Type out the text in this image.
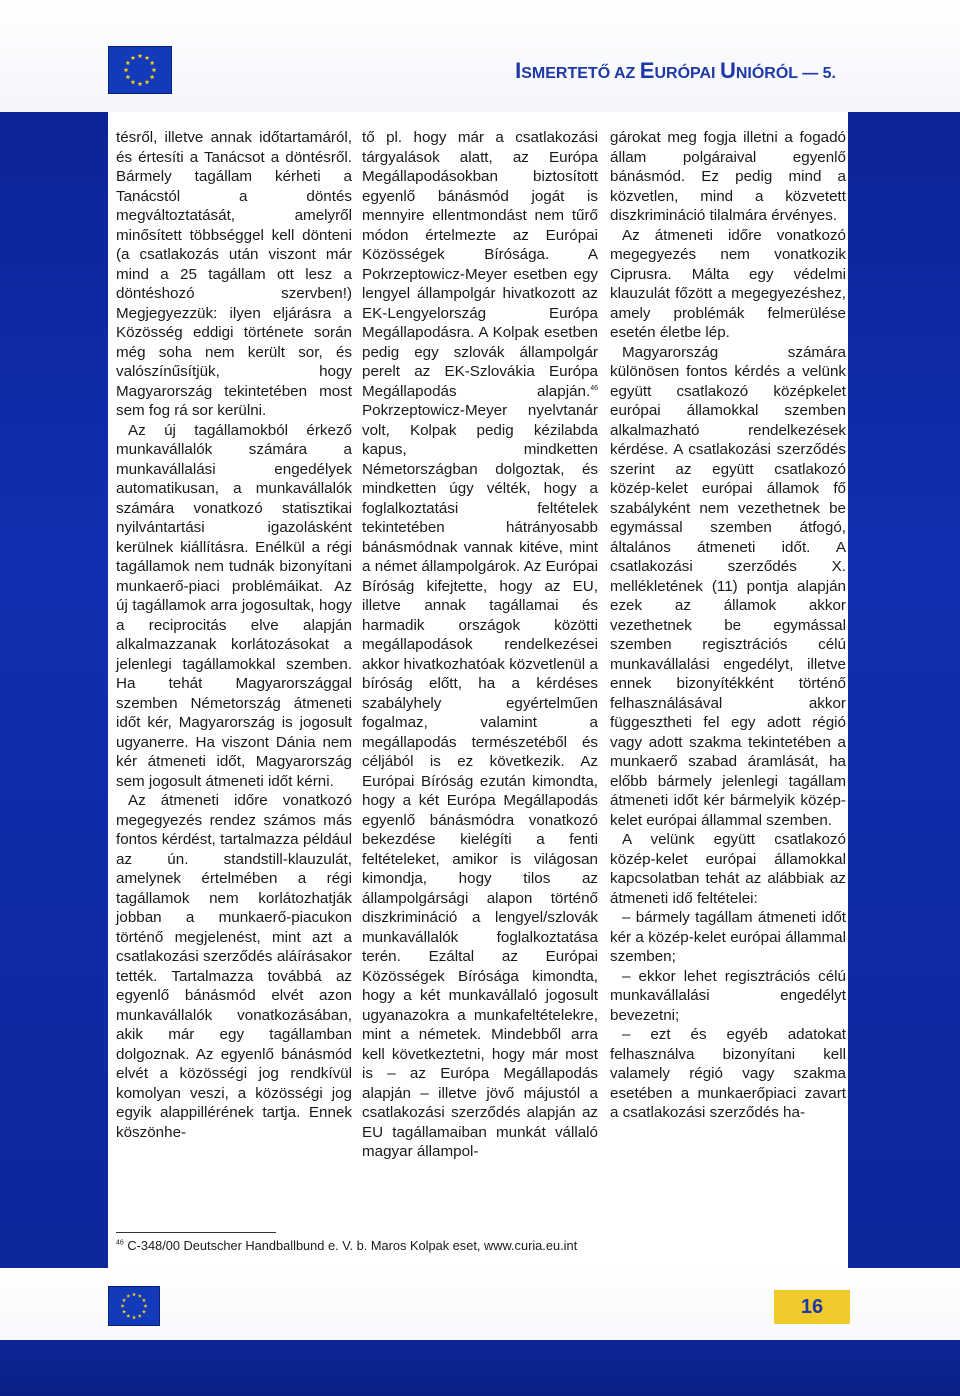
ISMERTETŐ AZ EURÓPAI UNIÓRÓL — 5.

tésről, illetve annak időtartamáról, és értesíti a Tanácsot a döntésről. Bármely tagállam kérheti a Tanácstól a döntés megváltoztatását, amelyről minősített többséggel kell dönteni (a csatlakozás után viszont már mind a 25 tagállam ott lesz a döntéshozó szervben!) Megjegyezzük: ilyen eljárásra a Közösség eddigi története során még soha nem került sor, és valószínűsítjük, hogy Magyarország tekintetében most sem fog rá sor kerülni.

Az új tagállamokból érkező munkavállalók számára a munkavállalási engedélyek automatikusan, a munkavállalók számára vonatkozó statisztikai nyilvántartási igazolásként kerülnek kiállításra. Enélkül a régi tagállamok nem tudnák bizonyítani munkaerő-piaci problémáikat. Az új tagállamok arra jogosultak, hogy a reciprocitás elve alapján alkalmazzanak korlátozásokat a jelenlegi tagállamokkal szemben. Ha tehát Magyarországgal szemben Németország átmeneti időt kér, Magyarország is jogosult ugyanerre. Ha viszont Dánia nem kér átmeneti időt, Magyarország sem jogosult átmeneti időt kérni.

Az átmeneti időre vonatkozó megegyezés rendez számos más fontos kérdést, tartalmazza például az ún. standstill-klauzulát, amelynek értelmében a régi tagállamok nem korlátozhatják jobban a munkaerő-piacukon történő megjelenést, mint azt a csatlakozási szerződés aláírásakor tették. Tartalmazza továbbá az egyenlő bánásmód elvét azon munkavállalók vonatkozásában, akik már egy tagállamban dolgoznak. Az egyenlő bánásmód elvét a közösségi jog rendkívül komolyan veszi, a közösségi jog egyik alappillérének tartja. Ennek köszönhe-

tő pl. hogy már a csatlakozási tárgyalások alatt, az Európa Megállapodásokban biztosított egyenlő bánásmód jogát is mennyire ellentmondást nem tűrő módon értelmezte az Európai Közösségek Bírósága. A Pokrzeptowicz-Meyer esetben egy lengyel állampolgár hivatkozott az EK-Lengyelország Európa Megállapodásra. A Kolpak esetben pedig egy szlovák állampolgár perelt az EK-Szlovákia Európa Megállapodás alapján.$^{46}$ Pokrzeptowicz-Meyer nyelvtanár volt, Kolpak pedig kézilabda kapus, mindketten Németországban dolgoztak, és mindketten úgy vélték, hogy a foglalkoztatási feltételek tekintetében hátrányosabb bánásmódnak vannak kitéve, mint a német állampolgárok. Az Európai Bíróság kifejtette, hogy az EU, illetve annak tagállamai és harmadik országok közötti megállapodások rendelkezései akkor hivatkozhatóak közvetlenül a bíróság előtt, ha a kérdéses szabályhely egyértelműen fogalmaz, valamint a megállapodás természetéből és céljából is ez következik. Az Európai Bíróság ezután kimondta, hogy a két Európa Megállapodás egyenlő bánásmódra vonatkozó bekezdése kielégíti a fenti feltételeket, amikor is világosan kimondja, hogy tilos az állampolgársági alapon történő diszkrimináció a lengyel/szlovák munkavállalók foglalkoztatása terén. Ezáltal az Európai Közösségek Bírósága kimondta, hogy a két munkavállaló jogosult ugyanazokra a munkafeltételekre, mint a németek. Mindebből arra kell következtetni, hogy már most is – az Európa Megállapodás alapján – illetve jövő májustól a csatlakozási szerződés alapján az EU tagállamaiban munkát vállaló magyar állampol-

gárokat meg fogja illetni a fogadó állam polgáraival egyenlő bánásmód. Ez pedig mind a közvetlen, mind a közvetett diszkrimináció tilalmára érvényes.

Az átmeneti időre vonatkozó megegyezés nem vonatkozik Ciprusra. Málta egy védelmi klauzulát főzött a megegyezéshez, amely problémák felmerülése esetén életbe lép.

Magyarország számára különösen fontos kérdés a velünk együtt csatlakozó középkelet európai államokkal szemben alkalmazható rendelkezések kérdése. A csatlakozási szerződés szerint az együtt csatlakozó közép-kelet európai államok fő szabályként nem vezethetnek be egymással szemben átfogó, általános átmeneti időt. A csatlakozási szerződés X. mellékletének (11) pontja alapján ezek az államok akkor vezethetnek be egymással szemben regisztrációs célú munkavállalási engedélyt, illetve ennek bizonyítékként történő felhasználásával akkor függesztheti fel egy adott régió vagy adott szakma tekintetében a munkaerő szabad áramlását, ha előbb bármely jelenlegi tagállam átmeneti időt kér bármelyik közép-kelet európai állammal szemben.

A velünk együtt csatlakozó közép-kelet európai államokkal kapcsolatban tehát az alábbiak az átmeneti idő feltételei:

– bármely tagállam átmeneti időt kér a közép-kelet európai állammal szemben;

– ekkor lehet regisztrációs célú munkavállalási engedélyt bevezetni;

– ezt és egyéb adatokat felhasználva bizonyítani kell valamely régió vagy szakma esetében a munkaerőpiaci zavart a csatlakozási szerződés ha-

$^{46}$ C-348/00 Deutscher Handballbund e. V. b. Maros Kolpak eset, www.curia.eu.int
16
